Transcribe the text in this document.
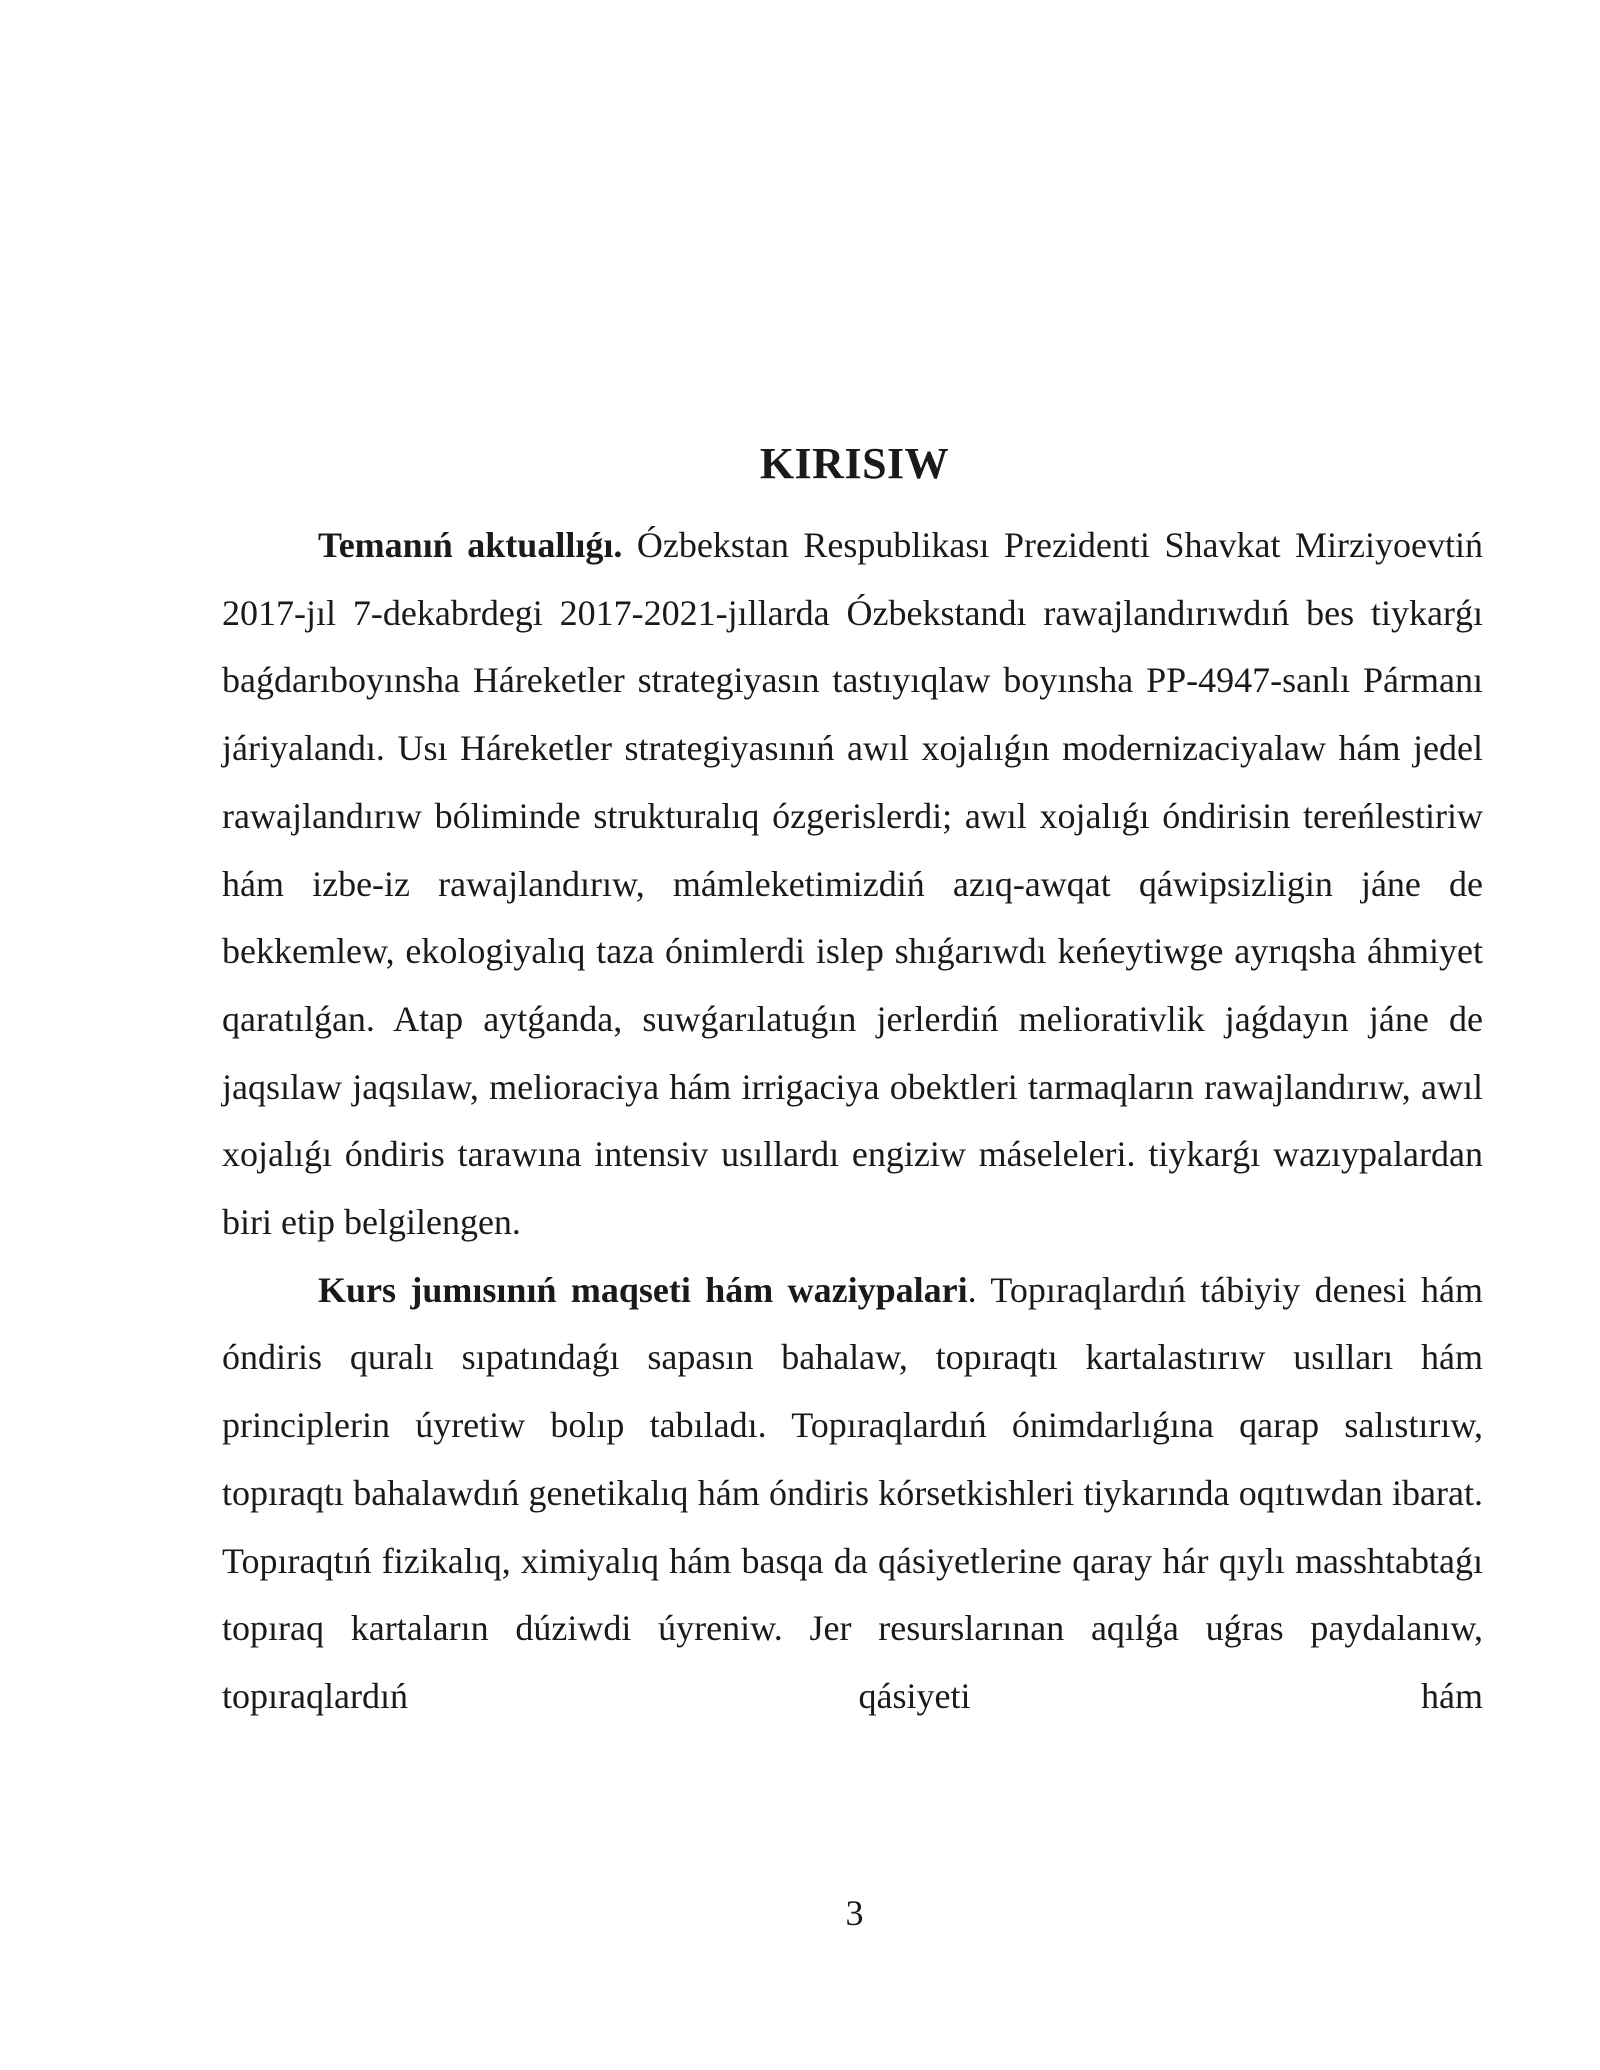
KIRISIW

Temanıń aktuallıǵı. Ózbekstan Respublikası Prezidenti Shavkat Mirziyoevtiń 2017-jıl 7-dekabrdegi 2017-2021-jıllarda Ózbekstandı rawajlandırıwdıń bes tiykarǵı baǵdarıboyınsha Háreketler strategiyasın tastıyıqlaw boyınsha PP-4947-sanlı Pármanı járiyalandı. Usı Háreketler strategiyasınıń awıl xojalıǵın modernizaciyalaw hám jedel rawajlandırıw bóliminde strukturalıq ózgerislerdi; awıl xojalıǵı óndirisin tereńlestiriw hám izbe-iz rawajlandırıw, mámleketimizdiń azıq-awqat qáwipsizligin jáne de bekkemlew, ekologiyalıq taza ónimlerdi islep shıǵarıwdı keńeytiwge ayrıqsha áhmiyet qaratılǵan. Atap aytǵanda, suwǵarılatuǵın jerlerdiń meliorativlik jaǵdayın jáne de jaqsılaw jaqsılaw, melioraciya hám irrigaciya obektleri tarmaqların rawajlandırıw, awıl xojalıǵı óndiris tarawına intensiv usıllardı engiziw máseleleri. tiykarǵı wazıypalardan biri etip belgilengen.

Kurs jumısınıń maqseti hám waziypalari. Topıraqlardıń tábiyiy denesi hám óndiris quralı sıpatındaǵı sapasın bahalaw, topıraqtı kartalastırıw usılları hám principlerin úyretiw bolıp tabıladı. Topıraqlardıń ónimdarlıǵına qarap salıstırıw, topıraqtı bahalawdıń genetikalıq hám óndiris kórsetkishleri tiykarında oqıtıwdan ibarat. Topıraqtıń fizikalıq, ximiyalıq hám basqa da qásiyetlerine qaray hár qıylı masshtabtaǵı topıraq kartaların dúziwdi úyreniw. Jer resurslarınan aqılǵa uǵras paydalanıw, topıraqlardıń qásiyeti hám

3
